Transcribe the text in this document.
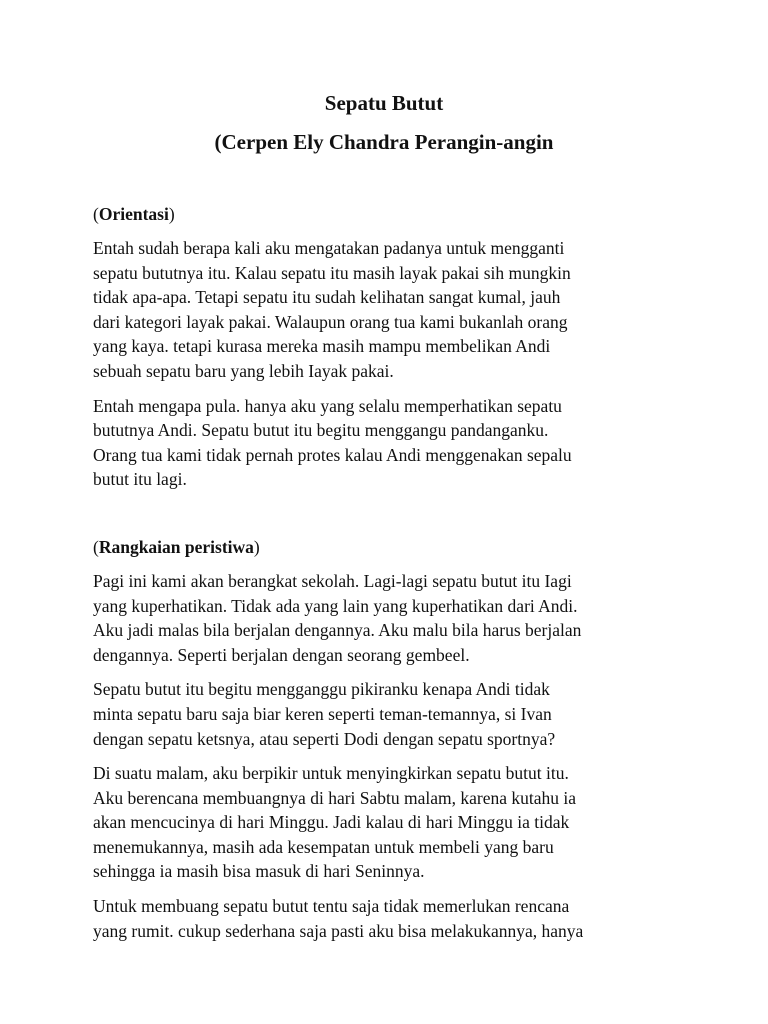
Sepatu Butut
(Cerpen Ely Chandra Perangin-angin

(Orientasi)

Entah sudah berapa kali aku mengatakan padanya untuk mengganti
sepatu bututnya itu. Kalau sepatu itu masih layak pakai sih mungkin
tidak apa-apa. Tetapi sepatu itu sudah kelihatan sangat kumal, jauh
dari kategori layak pakai. Walaupun orang tua kami bukanlah orang
yang kaya. tetapi kurasa mereka masih mampu membelikan Andi
sebuah sepatu baru yang lebih Iayak pakai.

Entah mengapa pula. hanya aku yang selalu memperhatikan sepatu
bututnya Andi. Sepatu butut itu begitu menggangu pandanganku.
Orang tua kami tidak pernah protes kalau Andi menggenakan sepalu
butut itu lagi.

(Rangkaian peristiwa)

Pagi ini kami akan berangkat sekolah. Lagi-lagi sepatu butut itu Iagi
yang kuperhatikan. Tidak ada yang lain yang kuperhatikan dari Andi.
Aku jadi malas bila berjalan dengannya. Aku malu bila harus berjalan
dengannya. Seperti berjalan dengan seorang gembeel.

Sepatu butut itu begitu mengganggu pikiranku kenapa Andi tidak
minta sepatu baru saja biar keren seperti teman-temannya, si Ivan
dengan sepatu ketsnya, atau seperti Dodi dengan sepatu sportnya?

Di suatu malam, aku berpikir untuk menyingkirkan sepatu butut itu.
Aku berencana membuangnya di hari Sabtu malam, karena kutahu ia
akan mencucinya di hari Minggu. Jadi kalau di hari Minggu ia tidak
menemukannya, masih ada kesempatan untuk membeli yang baru
sehingga ia masih bisa masuk di hari Seninnya.

Untuk membuang sepatu butut tentu saja tidak memerlukan rencana
yang rumit. cukup sederhana saja pasti aku bisa melakukannya, hanya
